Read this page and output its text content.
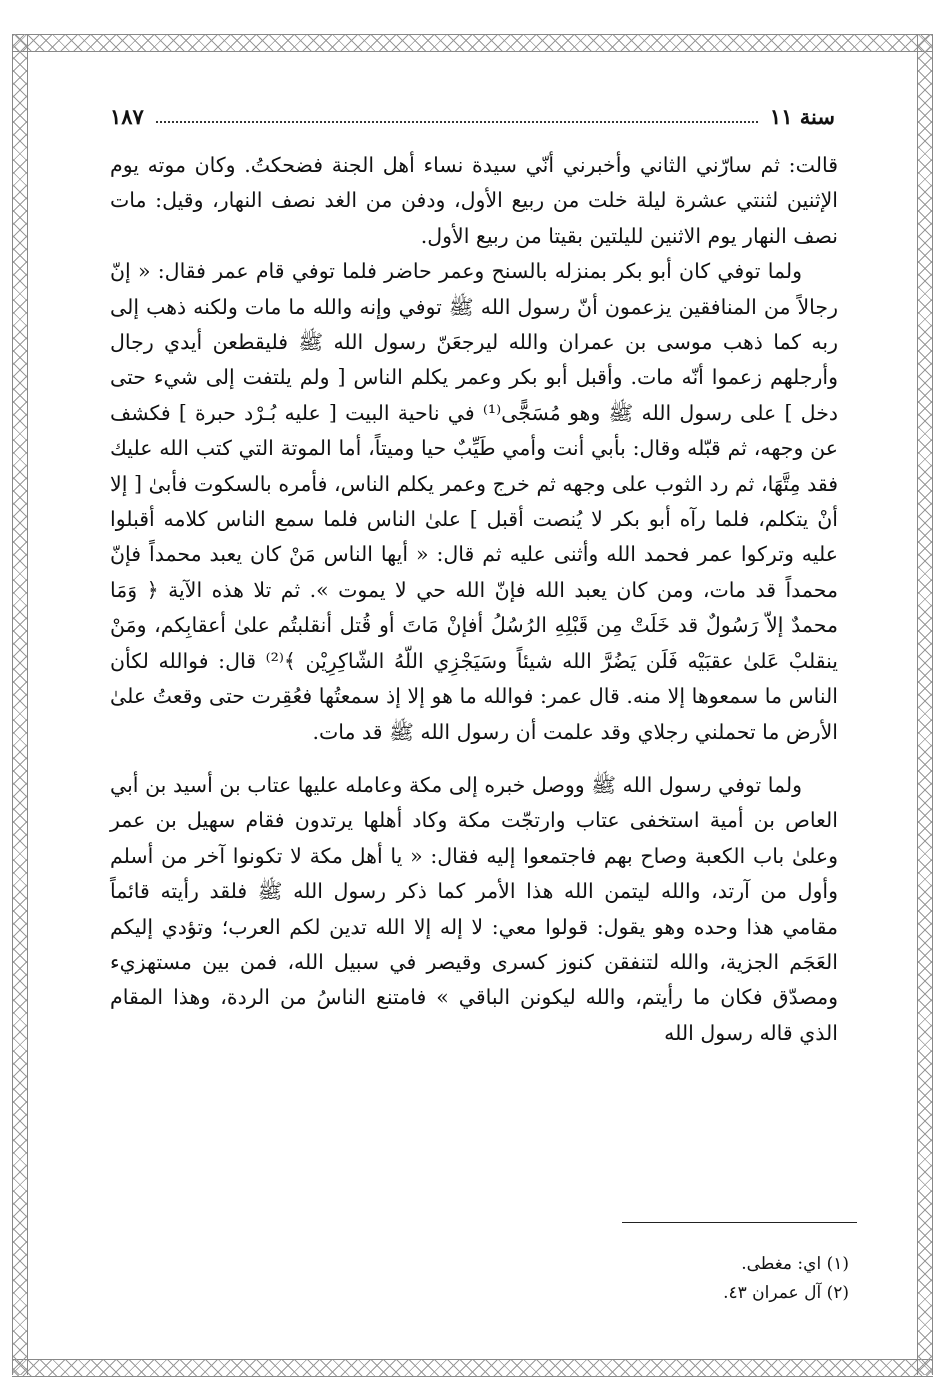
سنة ١١
١٨٧

قالت: ثم سارّني الثاني وأخبرني أنّي سيدة نساء أهل الجنة فضحكتُ. وكان موته يوم الإثنين لثنتي عشرة ليلة خلت من ربيع الأول، ودفن من الغد نصف النهار، وقيل: مات نصف النهار يوم الاثنين لليلتين بقيتا من ربيع الأول.

ولما توفي كان أبو بكر بمنزله بالسنح وعمر حاضر فلما توفي قام عمر فقال: « إنّ رجالاً من المنافقين يزعمون أنّ رسول الله ﷺ توفي وإنه والله ما مات ولكنه ذهب إلى ربه كما ذهب موسى بن عمران والله ليرجعَنّ رسول الله ﷺ فليقطعن أيدي رجال وأرجلهم زعموا أنّه مات. وأقبل أبو بكر وعمر يكلم الناس [ ولم يلتفت إلى شيء حتى دخل ] على رسول الله ﷺ وهو مُسَجًّى⁽¹⁾ في ناحية البيت [ عليه بُـرْد حبرة ] فكشف عن وجهه، ثم قبّله وقال: بأبي أنت وأمي طَيِّبٌ حيا وميتاً، أما الموتة التي كتب الله عليك فقد مِتَّهَا، ثم رد الثوب على وجهه ثم خرج وعمر يكلم الناس، فأمره بالسكوت فأبىٰ [ إلا أنْ يتكلم، فلما رآه أبو بكر لا يُنصت أقبل ] علىٰ الناس فلما سمع الناس كلامه أقبلوا عليه وتركوا عمر فحمد الله وأثنى عليه ثم قال: « أيها الناس مَنْ كان يعبد محمداً فإنّ محمداً قد مات، ومن كان يعبد الله فإنّ الله حي لا يموت ». ثم تلا هذه الآية ﴿ وَمَا محمدٌ إلاّ رَسُولٌ قد خَلَتْ مِن قَبْلِهِ الرُسُلُ أفإنْ مَاتَ أو قُتل أنقلبتُم علىٰ أعقابِكم، ومَنْ ينقلبْ عَلىٰ عقبَيْه فَلَن يَضُرَّ الله شيئاً وسَيَجْزِي اللّهُ الشّاكِرِيْن ﴾⁽²⁾ قال: فوالله لكأن الناس ما سمعوها إلا منه. قال عمر: فوالله ما هو إلا إذ سمعتُها فعُقِرت حتى وقعتُ علىٰ الأرض ما تحملني رجلاي وقد علمت أن رسول الله ﷺ قد مات.

ولما توفي رسول الله ﷺ ووصل خبره إلى مكة وعامله عليها عتاب بن أسيد بن أبي العاص بن أمية استخفى عتاب وارتجّت مكة وكاد أهلها يرتدون فقام سهيل بن عمر وعلىٰ باب الكعبة وصاح بهم فاجتمعوا إليه فقال: « يا أهل مكة لا تكونوا آخر من أسلم وأول من آرتد، والله ليتمن الله هذا الأمر كما ذكر رسول الله ﷺ فلقد رأيته قائماً مقامي هذا وحده وهو يقول: قولوا معي: لا إله إلا الله تدين لكم العرب؛ وتؤدي إليكم العَجَم الجزية، والله لتنفقن كنوز كسرى وقيصر في سبيل الله، فمن بين مستهزيء ومصدّق فكان ما رأيتم، والله ليكونن الباقي » فامتنع الناسُ من الردة، وهذا المقام الذي قاله رسول الله

(١) اي: مغطى.

(٢) آل عمران ٤٣.
